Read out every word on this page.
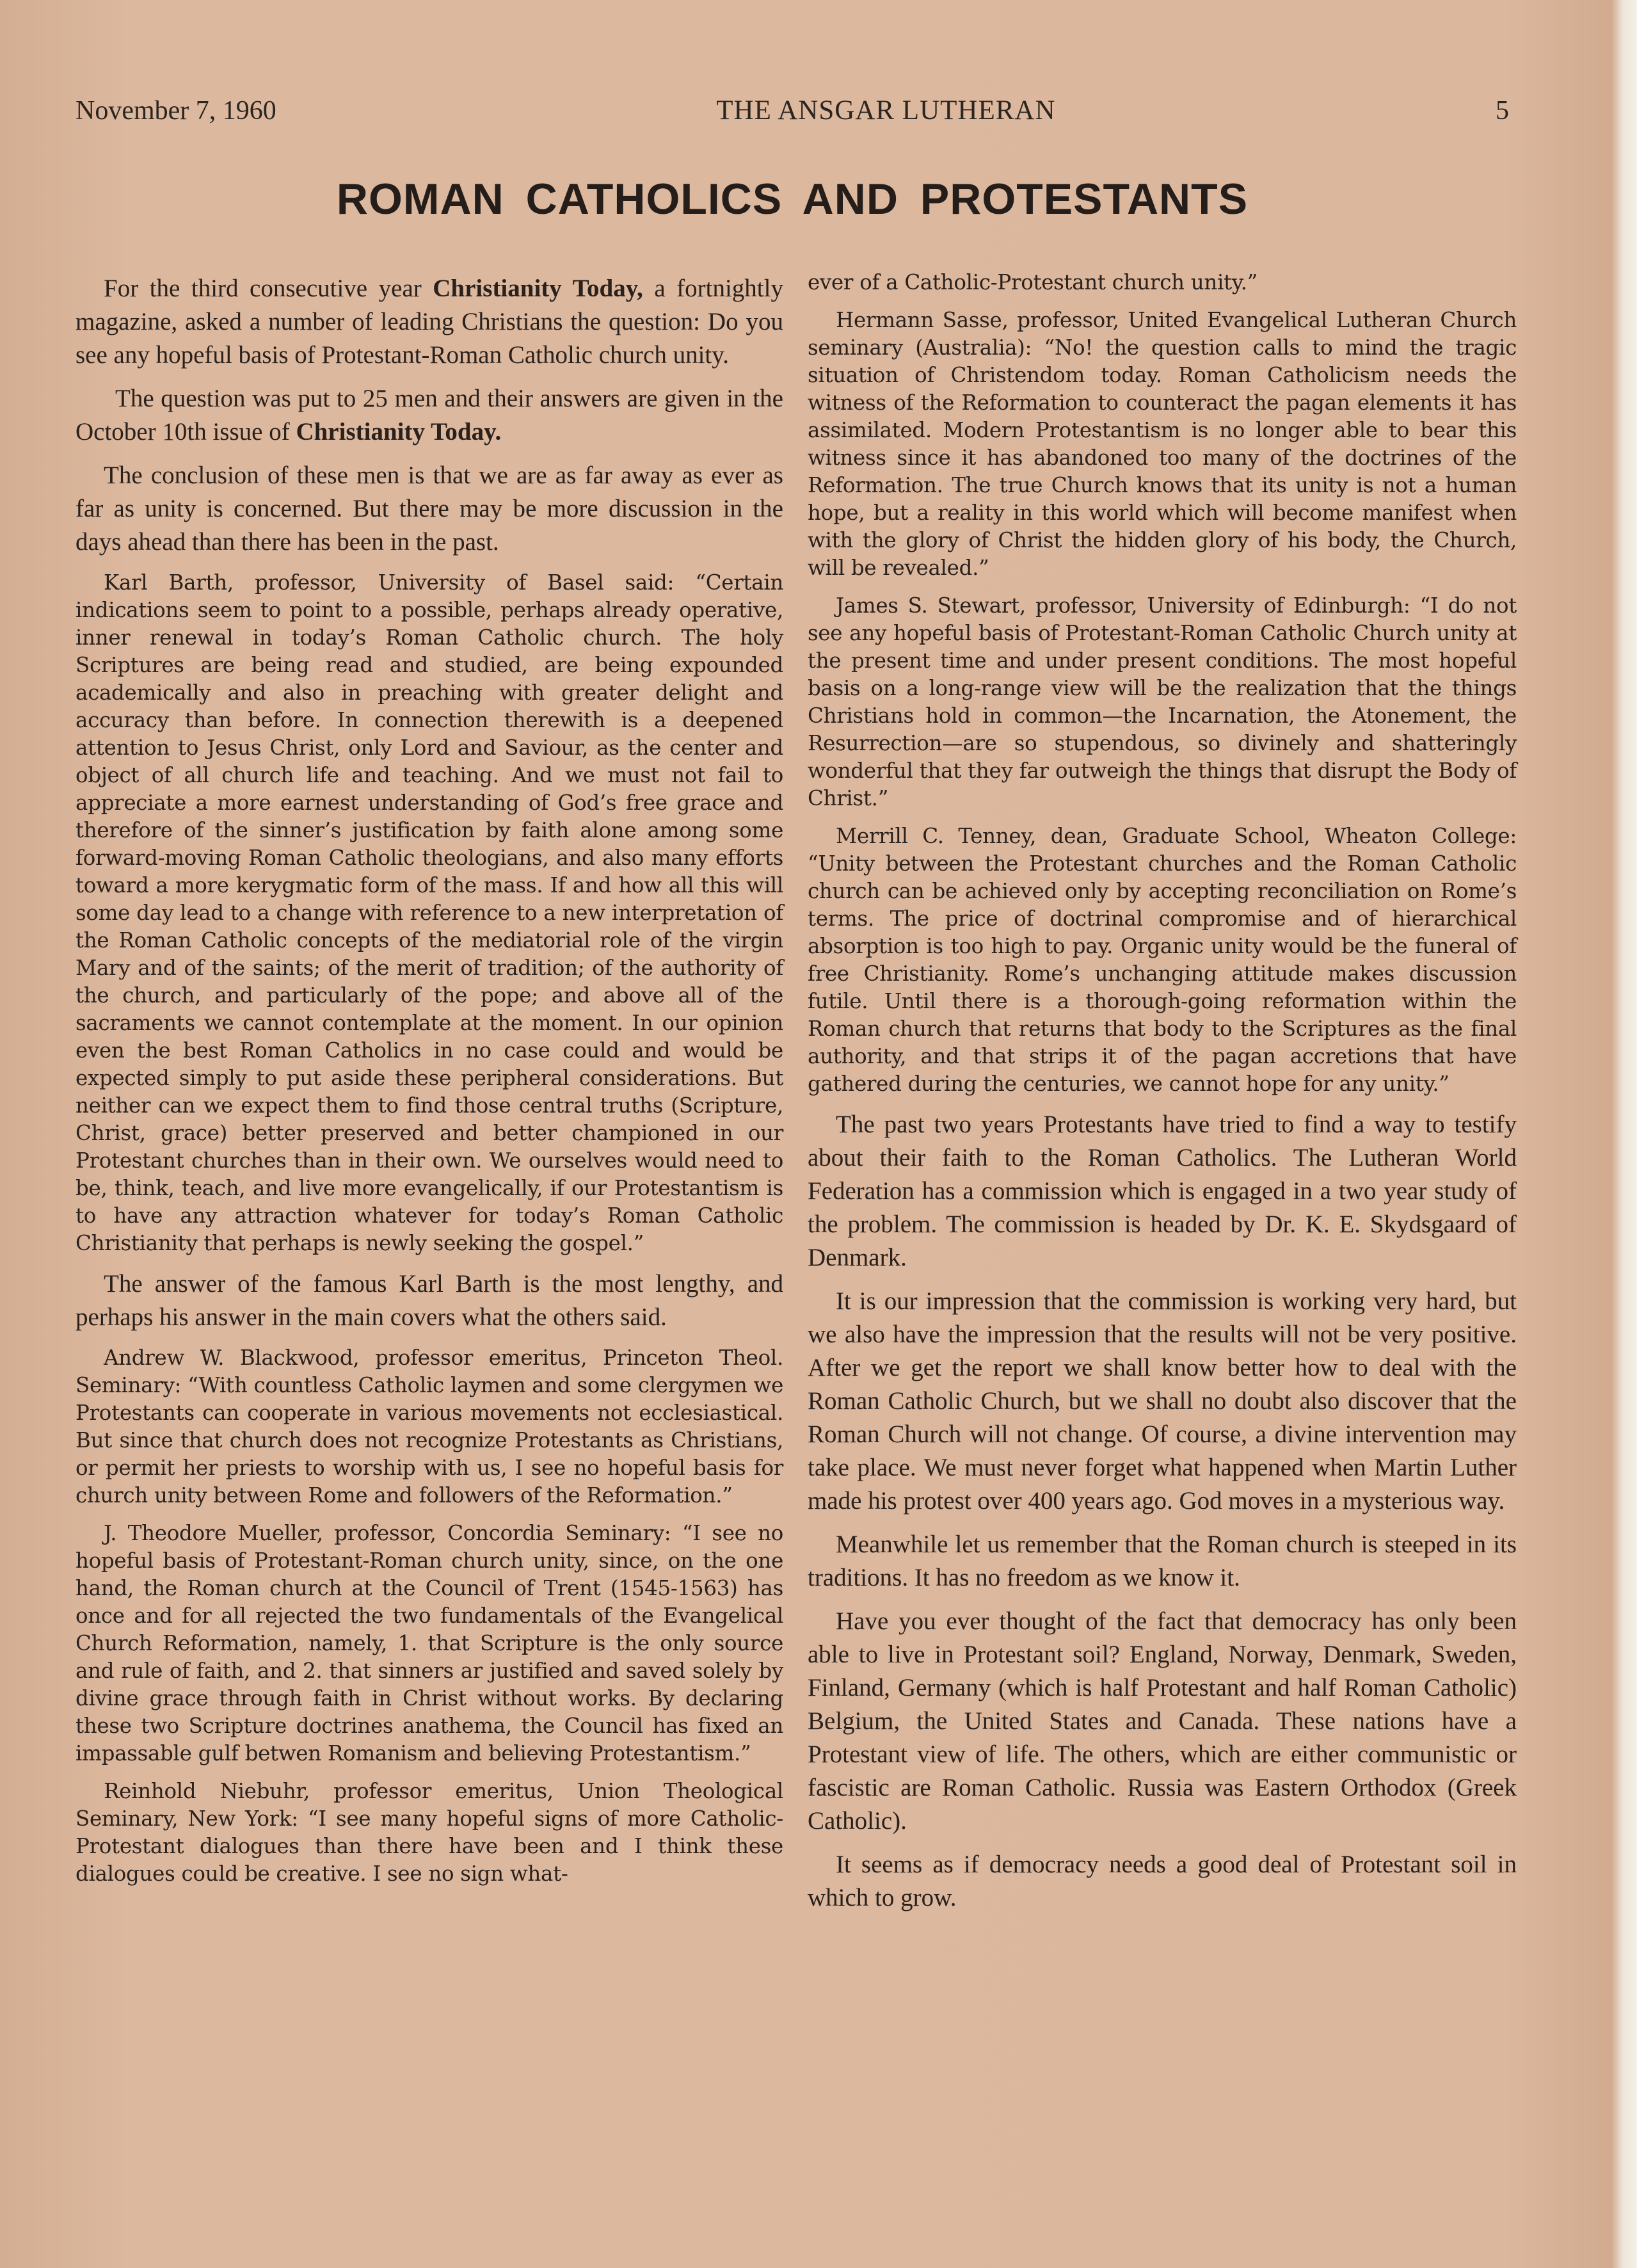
November 7, 1960	THE ANSGAR LUTHERAN	5
ROMAN CATHOLICS AND PROTESTANTS

For the third consecutive year Christianity Today, a fortnightly magazine, asked a number of leading Christians the question: Do you see any hopeful basis of Protestant-Roman Catholic church unity.

The question was put to 25 men and their answers are given in the October 10th issue of Christianity Today.

The conclusion of these men is that we are as far away as ever as far as unity is concerned. But there may be more discussion in the days ahead than there has been in the past.

Karl Barth, professor, University of Basel said: “Certain indications seem to point to a possible, perhaps already operative, inner renewal in today’s Roman Catholic church. The holy Scriptures are being read and studied, are being expounded academically and also in preaching with greater delight and accuracy than before. In connection therewith is a deepened attention to Jesus Christ, only Lord and Saviour, as the center and object of all church life and teaching. And we must not fail to appreciate a more earnest understanding of God’s free grace and therefore of the sinner’s justification by faith alone among some forward-moving Roman Catholic theologians, and also many efforts toward a more kerygmatic form of the mass. If and how all this will some day lead to a change with reference to a new interpretation of the Roman Catholic concepts of the mediatorial role of the virgin Mary and of the saints; of the merit of tradition; of the authority of the church, and particularly of the pope; and above all of the sacraments we cannot contemplate at the moment. In our opinion even the best Roman Catholics in no case could and would be expected simply to put aside these peripheral considerations. But neither can we expect them to find those central truths (Scripture, Christ, grace) better preserved and better championed in our Protestant churches than in their own. We ourselves would need to be, think, teach, and live more evangelically, if our Protestantism is to have any attraction whatever for today’s Roman Catholic Christianity that perhaps is newly seeking the gospel.”

The answer of the famous Karl Barth is the most lengthy, and perhaps his answer in the main covers what the others said.

Andrew W. Blackwood, professor emeritus, Princeton Theol. Seminary: “With countless Catholic laymen and some clergymen we Protestants can cooperate in various movements not ecclesiastical. But since that church does not recognize Protestants as Christians, or permit her priests to worship with us, I see no hopeful basis for church unity between Rome and followers of the Reformation.”

J. Theodore Mueller, professor, Concordia Seminary: “I see no hopeful basis of Protestant-Roman church unity, since, on the one hand, the Roman church at the Council of Trent (1545-1563) has once and for all rejected the two fundamentals of the Evangelical Church Reformation, namely, 1. that Scripture is the only source and rule of faith, and 2. that sinners ar justified and saved solely by divine grace through faith in Christ without works. By declaring these two Scripture doctrines anathema, the Council has fixed an impassable gulf betwen Romanism and believing Protestantism.”

Reinhold Niebuhr, professor emeritus, Union Theological Seminary, New York: “I see many hopeful signs of more Catholic-Protestant dialogues than there have been and I think these dialogues could be creative. I see no sign what-

ever of a Catholic-Protestant church unity.”

Hermann Sasse, professor, United Evangelical Lutheran Church seminary (Australia): “No! the question calls to mind the tragic situation of Christendom today. Roman Catholicism needs the witness of the Reformation to counteract the pagan elements it has assimilated. Modern Protestantism is no longer able to bear this witness since it has abandoned too many of the doctrines of the Reformation. The true Church knows that its unity is not a human hope, but a reality in this world which will become manifest when with the glory of Christ the hidden glory of his body, the Church, will be revealed.”

James S. Stewart, professor, University of Edinburgh: “I do not see any hopeful basis of Protestant-Roman Catholic Church unity at the present time and under present conditions. The most hopeful basis on a long-range view will be the realization that the things Christians hold in common—the Incarnation, the Atonement, the Resurrection—are so stupendous, so divinely and shatteringly wonderful that they far outweigh the things that disrupt the Body of Christ.”

Merrill C. Tenney, dean, Graduate School, Wheaton College: “Unity between the Protestant churches and the Roman Catholic church can be achieved only by accepting reconciliation on Rome’s terms. The price of doctrinal compromise and of hierarchical absorption is too high to pay. Organic unity would be the funeral of free Christianity. Rome’s unchanging attitude makes discussion futile. Until there is a thorough-going reformation within the Roman church that returns that body to the Scriptures as the final authority, and that strips it of the pagan accretions that have gathered during the centuries, we cannot hope for any unity.”

The past two years Protestants have tried to find a way to testify about their faith to the Roman Catholics. The Lutheran World Federation has a commission which is engaged in a two year study of the problem. The commission is headed by Dr. K. E. Skydsgaard of Denmark.

It is our impression that the commission is working very hard, but we also have the impression that the results will not be very positive. After we get the report we shall know better how to deal with the Roman Catholic Church, but we shall no doubt also discover that the Roman Church will not change. Of course, a divine intervention may take place. We must never forget what happened when Martin Luther made his protest over 400 years ago. God moves in a mysterious way.

Meanwhile let us remember that the Roman church is steeped in its traditions. It has no freedom as we know it.

Have you ever thought of the fact that democracy has only been able to live in Protestant soil? England, Norway, Denmark, Sweden, Finland, Germany (which is half Protestant and half Roman Catholic) Belgium, the United States and Canada. These nations have a Protestant view of life. The others, which are either communistic or fascistic are Roman Catholic. Russia was Eastern Orthodox (Greek Catholic).

It seems as if democracy needs a good deal of Protestant soil in which to grow.
